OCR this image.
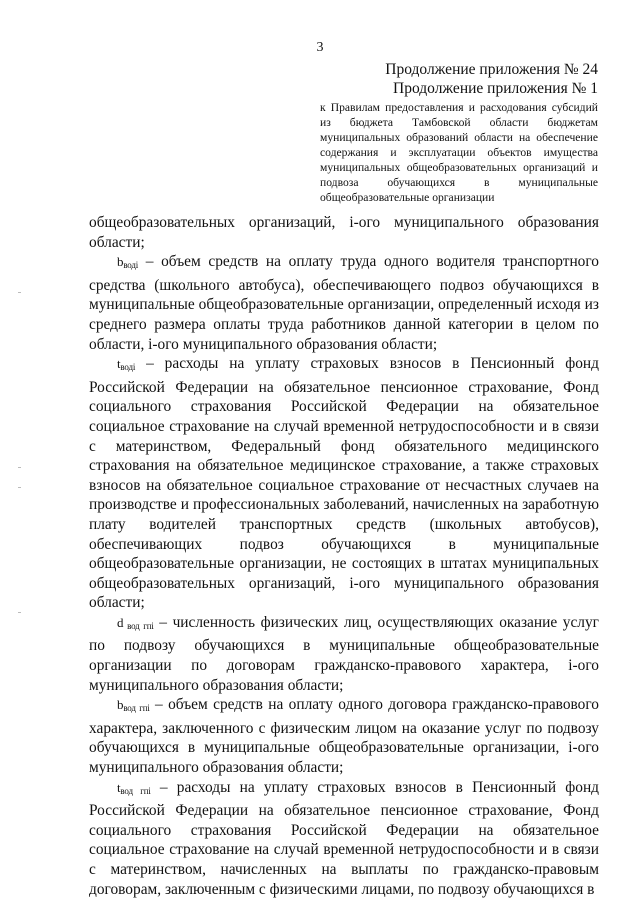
3
Продолжение приложения № 24
Продолжение приложения № 1
к Правилам предоставления и расходования субсидий из бюджета Тамбовской области бюджетам муниципальных образований области на обеспечение содержания и эксплуатации объектов имущества муниципальных общеобразовательных организаций и подвоза обучающихся в муниципальные общеобразовательные организации

общеобразовательных организаций, i-ого муниципального образования области;

$b_{водi}$ – объем средств на оплату труда одного водителя транспортного средства (школьного автобуса), обеспечивающего подвоз обучающихся в муниципальные общеобразовательные организации, определенный исходя из среднего размера оплаты труда работников данной категории в целом по области, i-ого муниципального образования области;

$t_{водi}$ – расходы на уплату страховых взносов в Пенсионный фонд Российской Федерации на обязательное пенсионное страхование, Фонд социального страхования Российской Федерации на обязательное социальное страхование на случай временной нетрудоспособности и в связи с материнством, Федеральный фонд обязательного медицинского страхования на обязательное медицинское страхование, а также страховых взносов на обязательное социальное страхование от несчастных случаев на производстве и профессиональных заболеваний, начисленных на заработную плату водителей транспортных средств (школьных автобусов), обеспечивающих подвоз обучающихся в муниципальные общеобразовательные организации, не состоящих в штатах муниципальных общеобразовательных организаций, i-ого муниципального образования области;

d $_{вод гпi}$ – численность физических лиц, осуществляющих оказание услуг по подвозу обучающихся в муниципальные общеобразовательные организации по договорам гражданско-правового характера, i-ого муниципального образования области;

$b_{вод гпi}$ – объем средств на оплату одного договора гражданско-правового характера, заключенного с физическим лицом на оказание услуг по подвозу обучающихся в муниципальные общеобразовательные организации, i-ого муниципального образования области;

$t_{вод гпi}$ – расходы на уплату страховых взносов в Пенсионный фонд Российской Федерации на обязательное пенсионное страхование, Фонд социального страхования Российской Федерации на обязательное социальное страхование на случай временной нетрудоспособности и в связи с материнством, начисленных на выплаты по гражданско-правовым договорам, заключенным с физическими лицами, по подвозу обучающихся в
